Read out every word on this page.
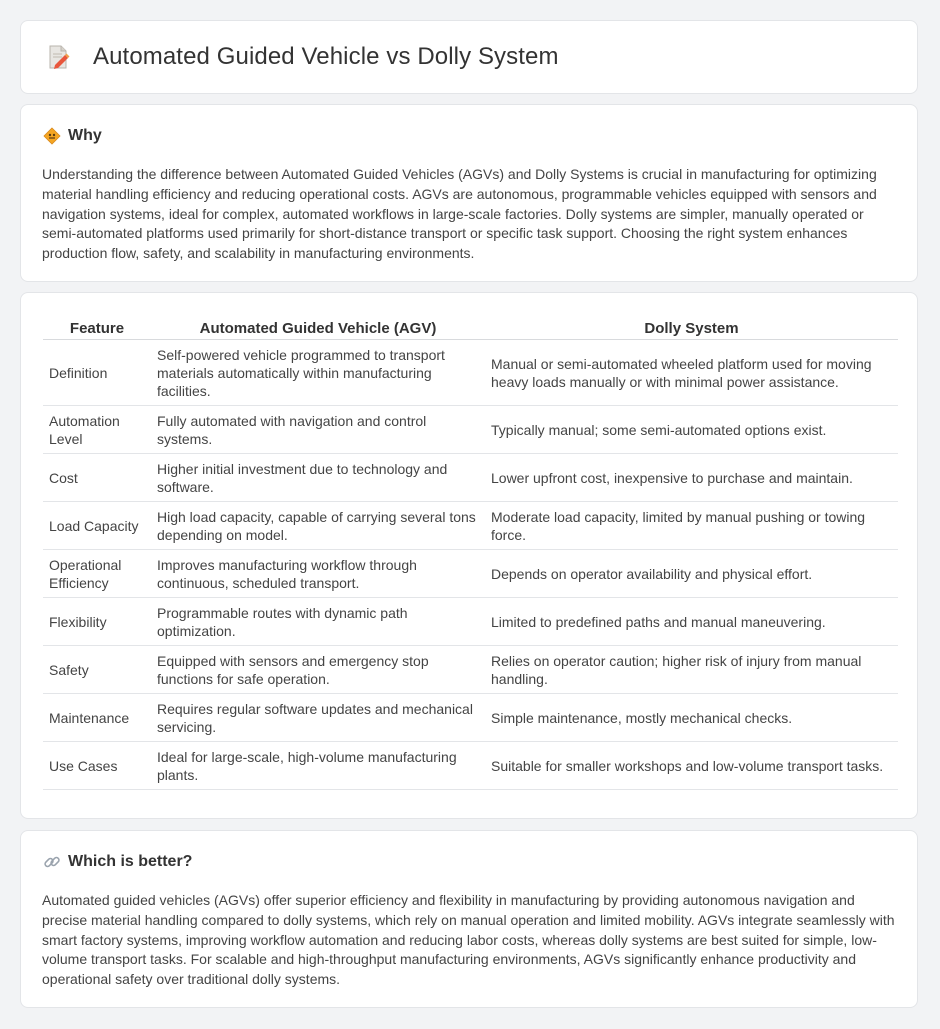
Automated Guided Vehicle vs Dolly System
Why

Understanding the difference between Automated Guided Vehicles (AGVs) and Dolly Systems is crucial in manufacturing for optimizing material handling efficiency and reducing operational costs. AGVs are autonomous, programmable vehicles equipped with sensors and navigation systems, ideal for complex, automated workflows in large-scale factories. Dolly systems are simpler, manually operated or semi-automated platforms used primarily for short-distance transport or specific task support. Choosing the right system enhances production flow, safety, and scalability in manufacturing environments.

Feature	Automated Guided Vehicle (AGV)	Dolly System
Definition	Self-powered vehicle programmed to transport materials automatically within manufacturing facilities.	Manual or semi-automated wheeled platform used for moving heavy loads manually or with minimal power assistance.
Automation Level	Fully automated with navigation and control systems.	Typically manual; some semi-automated options exist.
Cost	Higher initial investment due to technology and software.	Lower upfront cost, inexpensive to purchase and maintain.
Load Capacity	High load capacity, capable of carrying several tons depending on model.	Moderate load capacity, limited by manual pushing or towing force.
Operational Efficiency	Improves manufacturing workflow through continuous, scheduled transport.	Depends on operator availability and physical effort.
Flexibility	Programmable routes with dynamic path optimization.	Limited to predefined paths and manual maneuvering.
Safety	Equipped with sensors and emergency stop functions for safe operation.	Relies on operator caution; higher risk of injury from manual handling.
Maintenance	Requires regular software updates and mechanical servicing.	Simple maintenance, mostly mechanical checks.
Use Cases	Ideal for large-scale, high-volume manufacturing plants.	Suitable for smaller workshops and low-volume transport tasks.
Which is better?

Automated guided vehicles (AGVs) offer superior efficiency and flexibility in manufacturing by providing autonomous navigation and precise material handling compared to dolly systems, which rely on manual operation and limited mobility. AGVs integrate seamlessly with smart factory systems, improving workflow automation and reducing labor costs, whereas dolly systems are best suited for simple, low-volume transport tasks. For scalable and high-throughput manufacturing environments, AGVs significantly enhance productivity and operational safety over traditional dolly systems.
